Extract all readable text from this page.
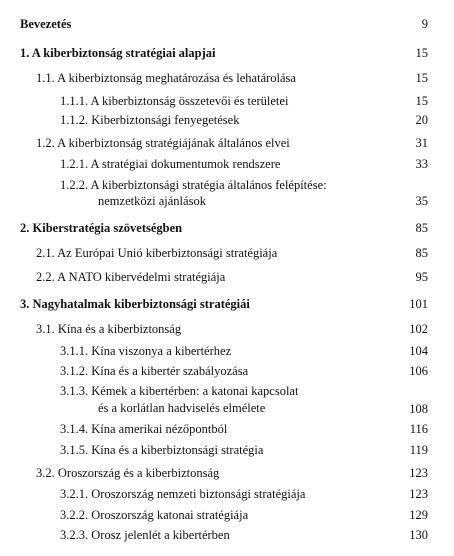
Bevezetés	9
1. A kiberbiztonság stratégiai alapjai	15
1.1. A kiberbiztonság meghatározása és lehatárolása	15
1.1.1. A kiberbiztonság összetevői és területei	15
1.1.2. Kiberbiztonsági fenyegetések	20
1.2. A kiberbiztonság stratégiájának általános elvei	31
1.2.1. A stratégiai dokumentumok rendszere	33
1.2.2. A kiberbiztonsági stratégia általános felépítése:
nemzetközi ajánlások	35
2. Kiberstratégia szövetségben	85
2.1. Az Európai Unió kiberbiztonsági stratégiája	85
2.2. A NATO kibervédelmi stratégiája	95
3. Nagyhatalmak kiberbiztonsági stratégiái	101
3.1. Kína és a kiberbiztonság	102
3.1.1. Kína viszonya a kibertérhez	104
3.1.2. Kína és a kibertér szabályozása	106
3.1.3. Kémek a kibertérben: a katonai kapcsolat
és a korlátlan hadviselés elmélete	108
3.1.4. Kína amerikai nézőpontból	116
3.1.5. Kína és a kiberbiztonsági stratégia	119
3.2. Oroszország és a kiberbiztonság	123
3.2.1. Oroszország nemzeti biztonsági stratégiája	123
3.2.2. Oroszország katonai stratégiája	129
3.2.3. Orosz jelenlét a kibertérben	130
